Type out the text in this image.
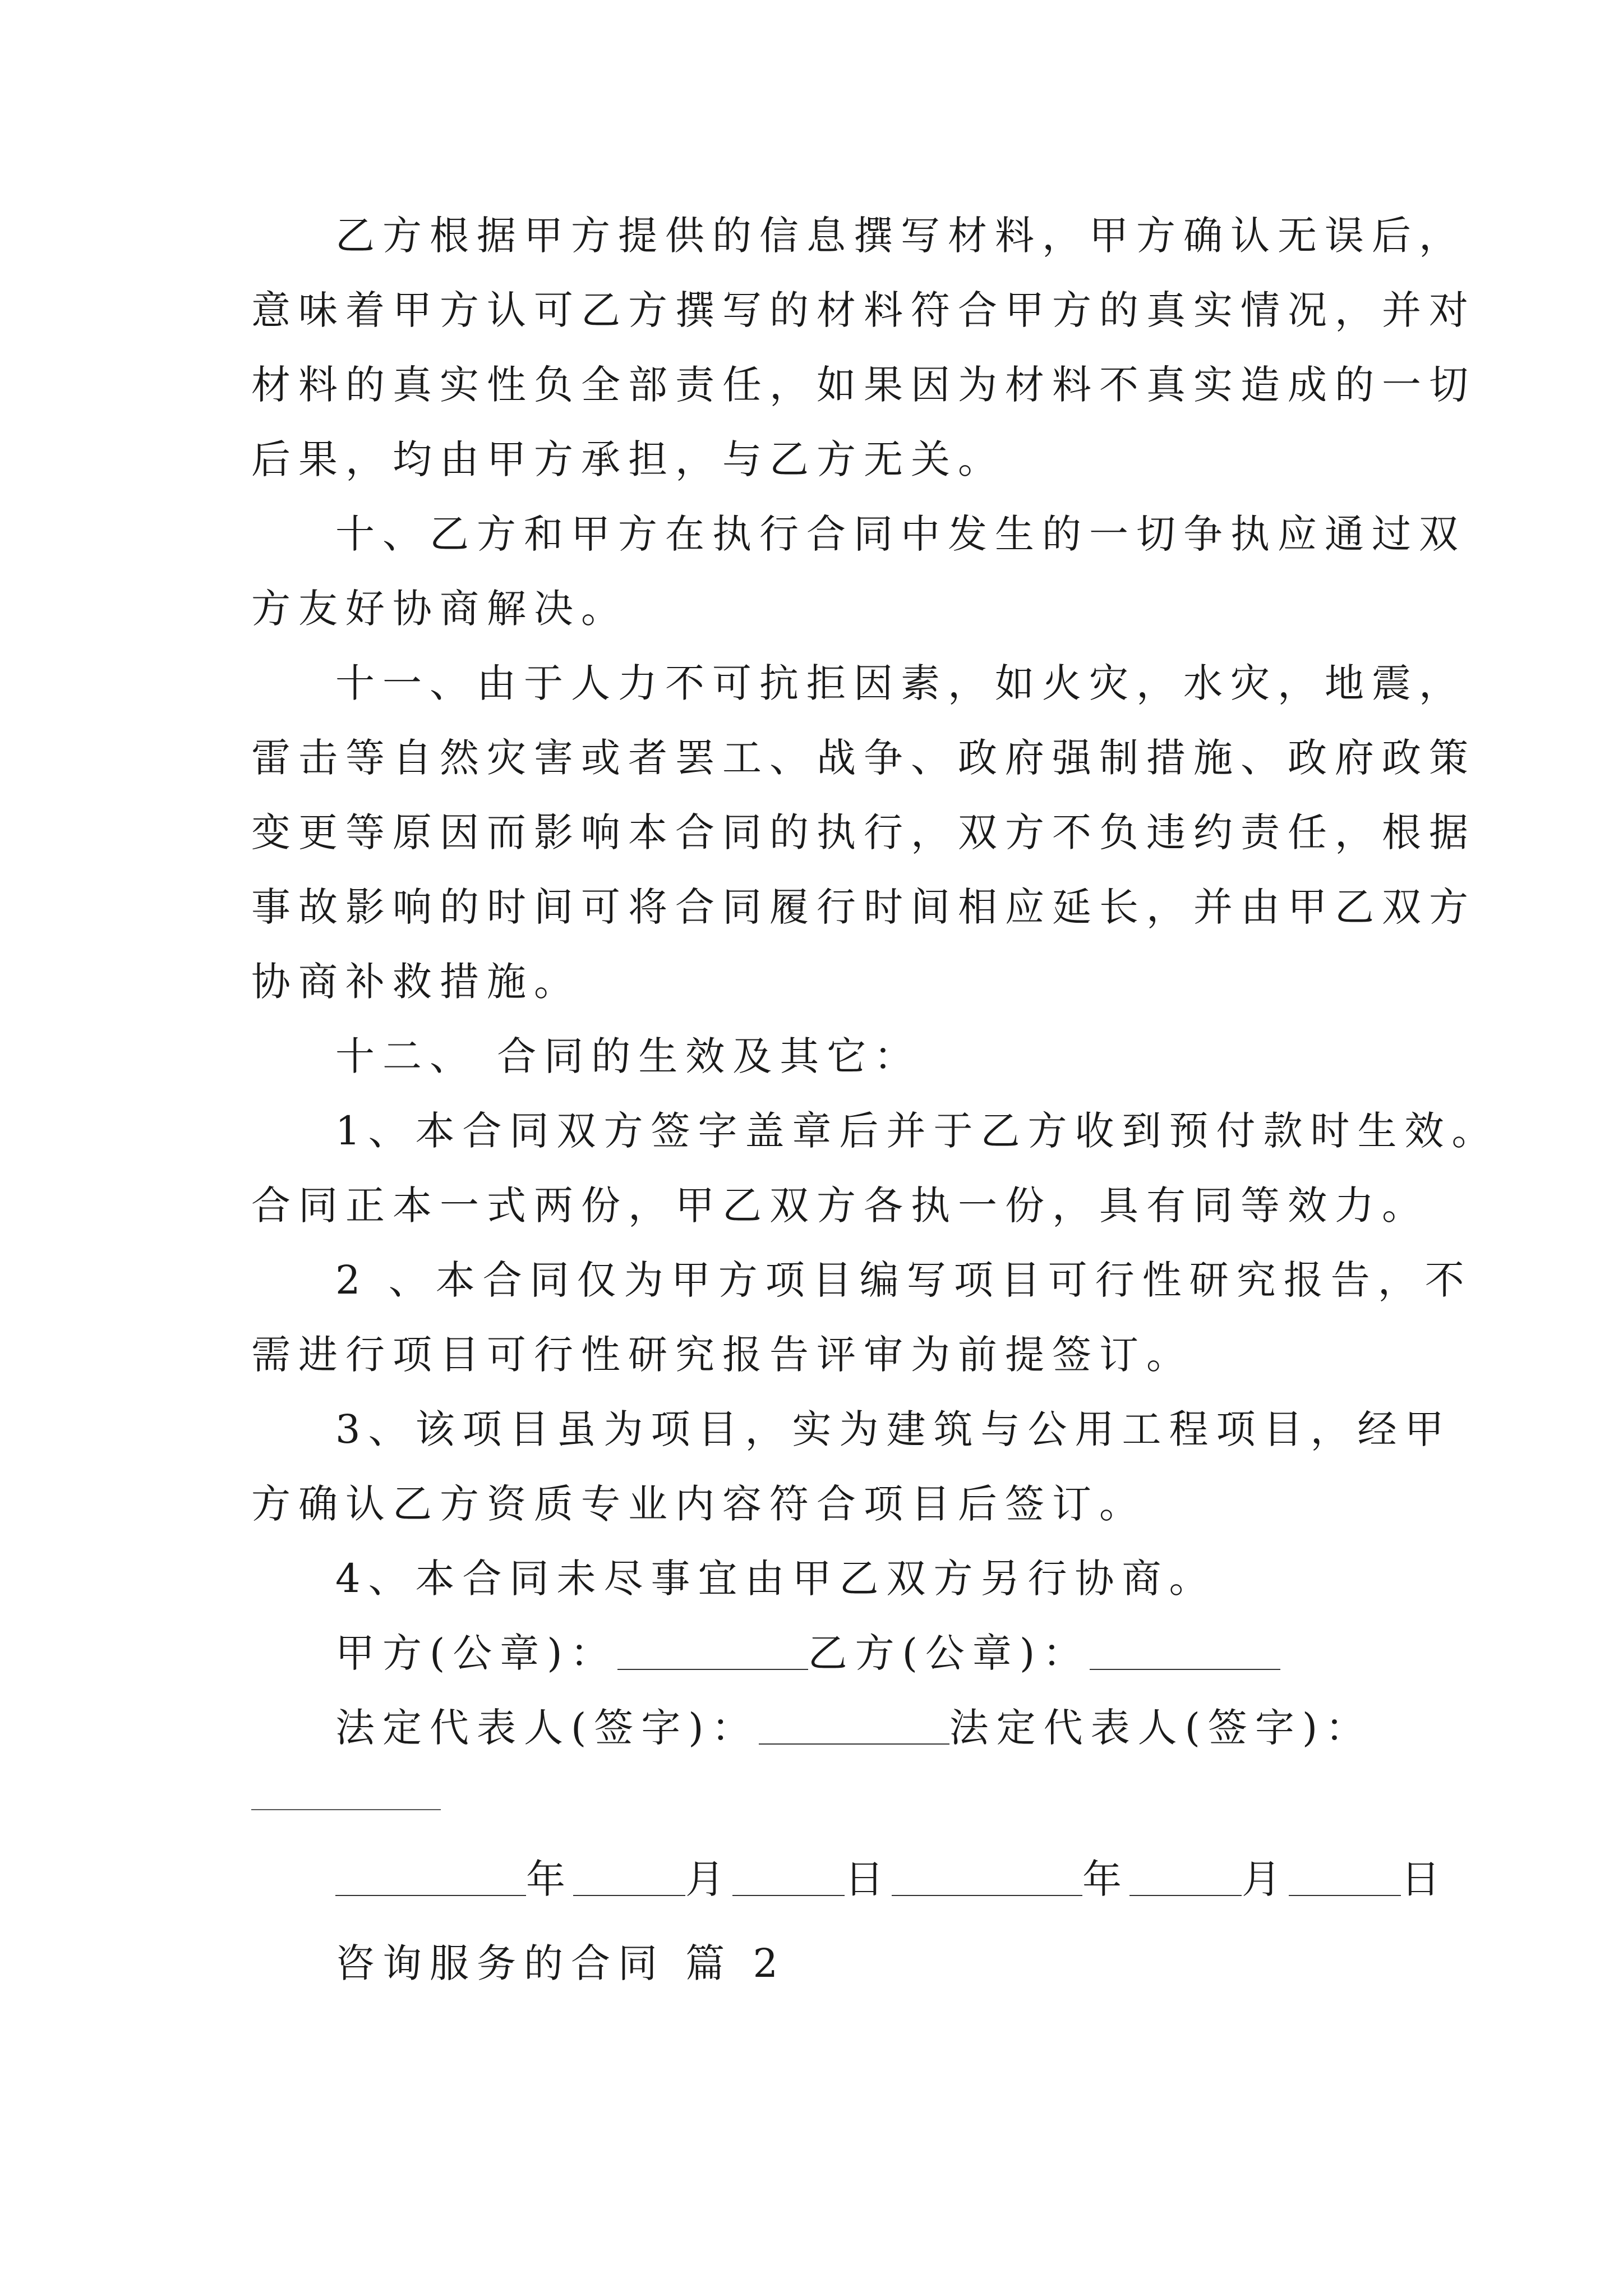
乙方根据甲方提供的信息撰写材料，甲方确认无误后，
意味着甲方认可乙方撰写的材料符合甲方的真实情况，并对
材料的真实性负全部责任，如果因为材料不真实造成的一切
后果，均由甲方承担，与乙方无关。
十、乙方和甲方在执行合同中发生的一切争执应通过双
方友好协商解决。
十一、由于人力不可抗拒因素，如火灾，水灾，地震，
雷击等自然灾害或者罢工、战争、政府强制措施、政府政策
变更等原因而影响本合同的执行，双方不负违约责任，根据
事故影响的时间可将合同履行时间相应延长，并由甲乙双方
协商补救措施。
十二、 合同的生效及其它：
1、本合同双方签字盖章后并于乙方收到预付款时生效。
合同正本一式两份，甲乙双方各执一份，具有同等效力。
2 、本合同仅为甲方项目编写项目可行性研究报告，不
需进行项目可行性研究报告评审为前提签订。
3、该项目虽为项目，实为建筑与公用工程项目，经甲
方确认乙方资质专业内容符合项目后签订。
4、本合同未尽事宜由甲乙双方另行协商。
甲方(公章)：	乙方(公章)：
法定代表人(签字)：	法定代表人(签字)：
年	月	日	年	月	日
咨询服务的合同 篇 2
